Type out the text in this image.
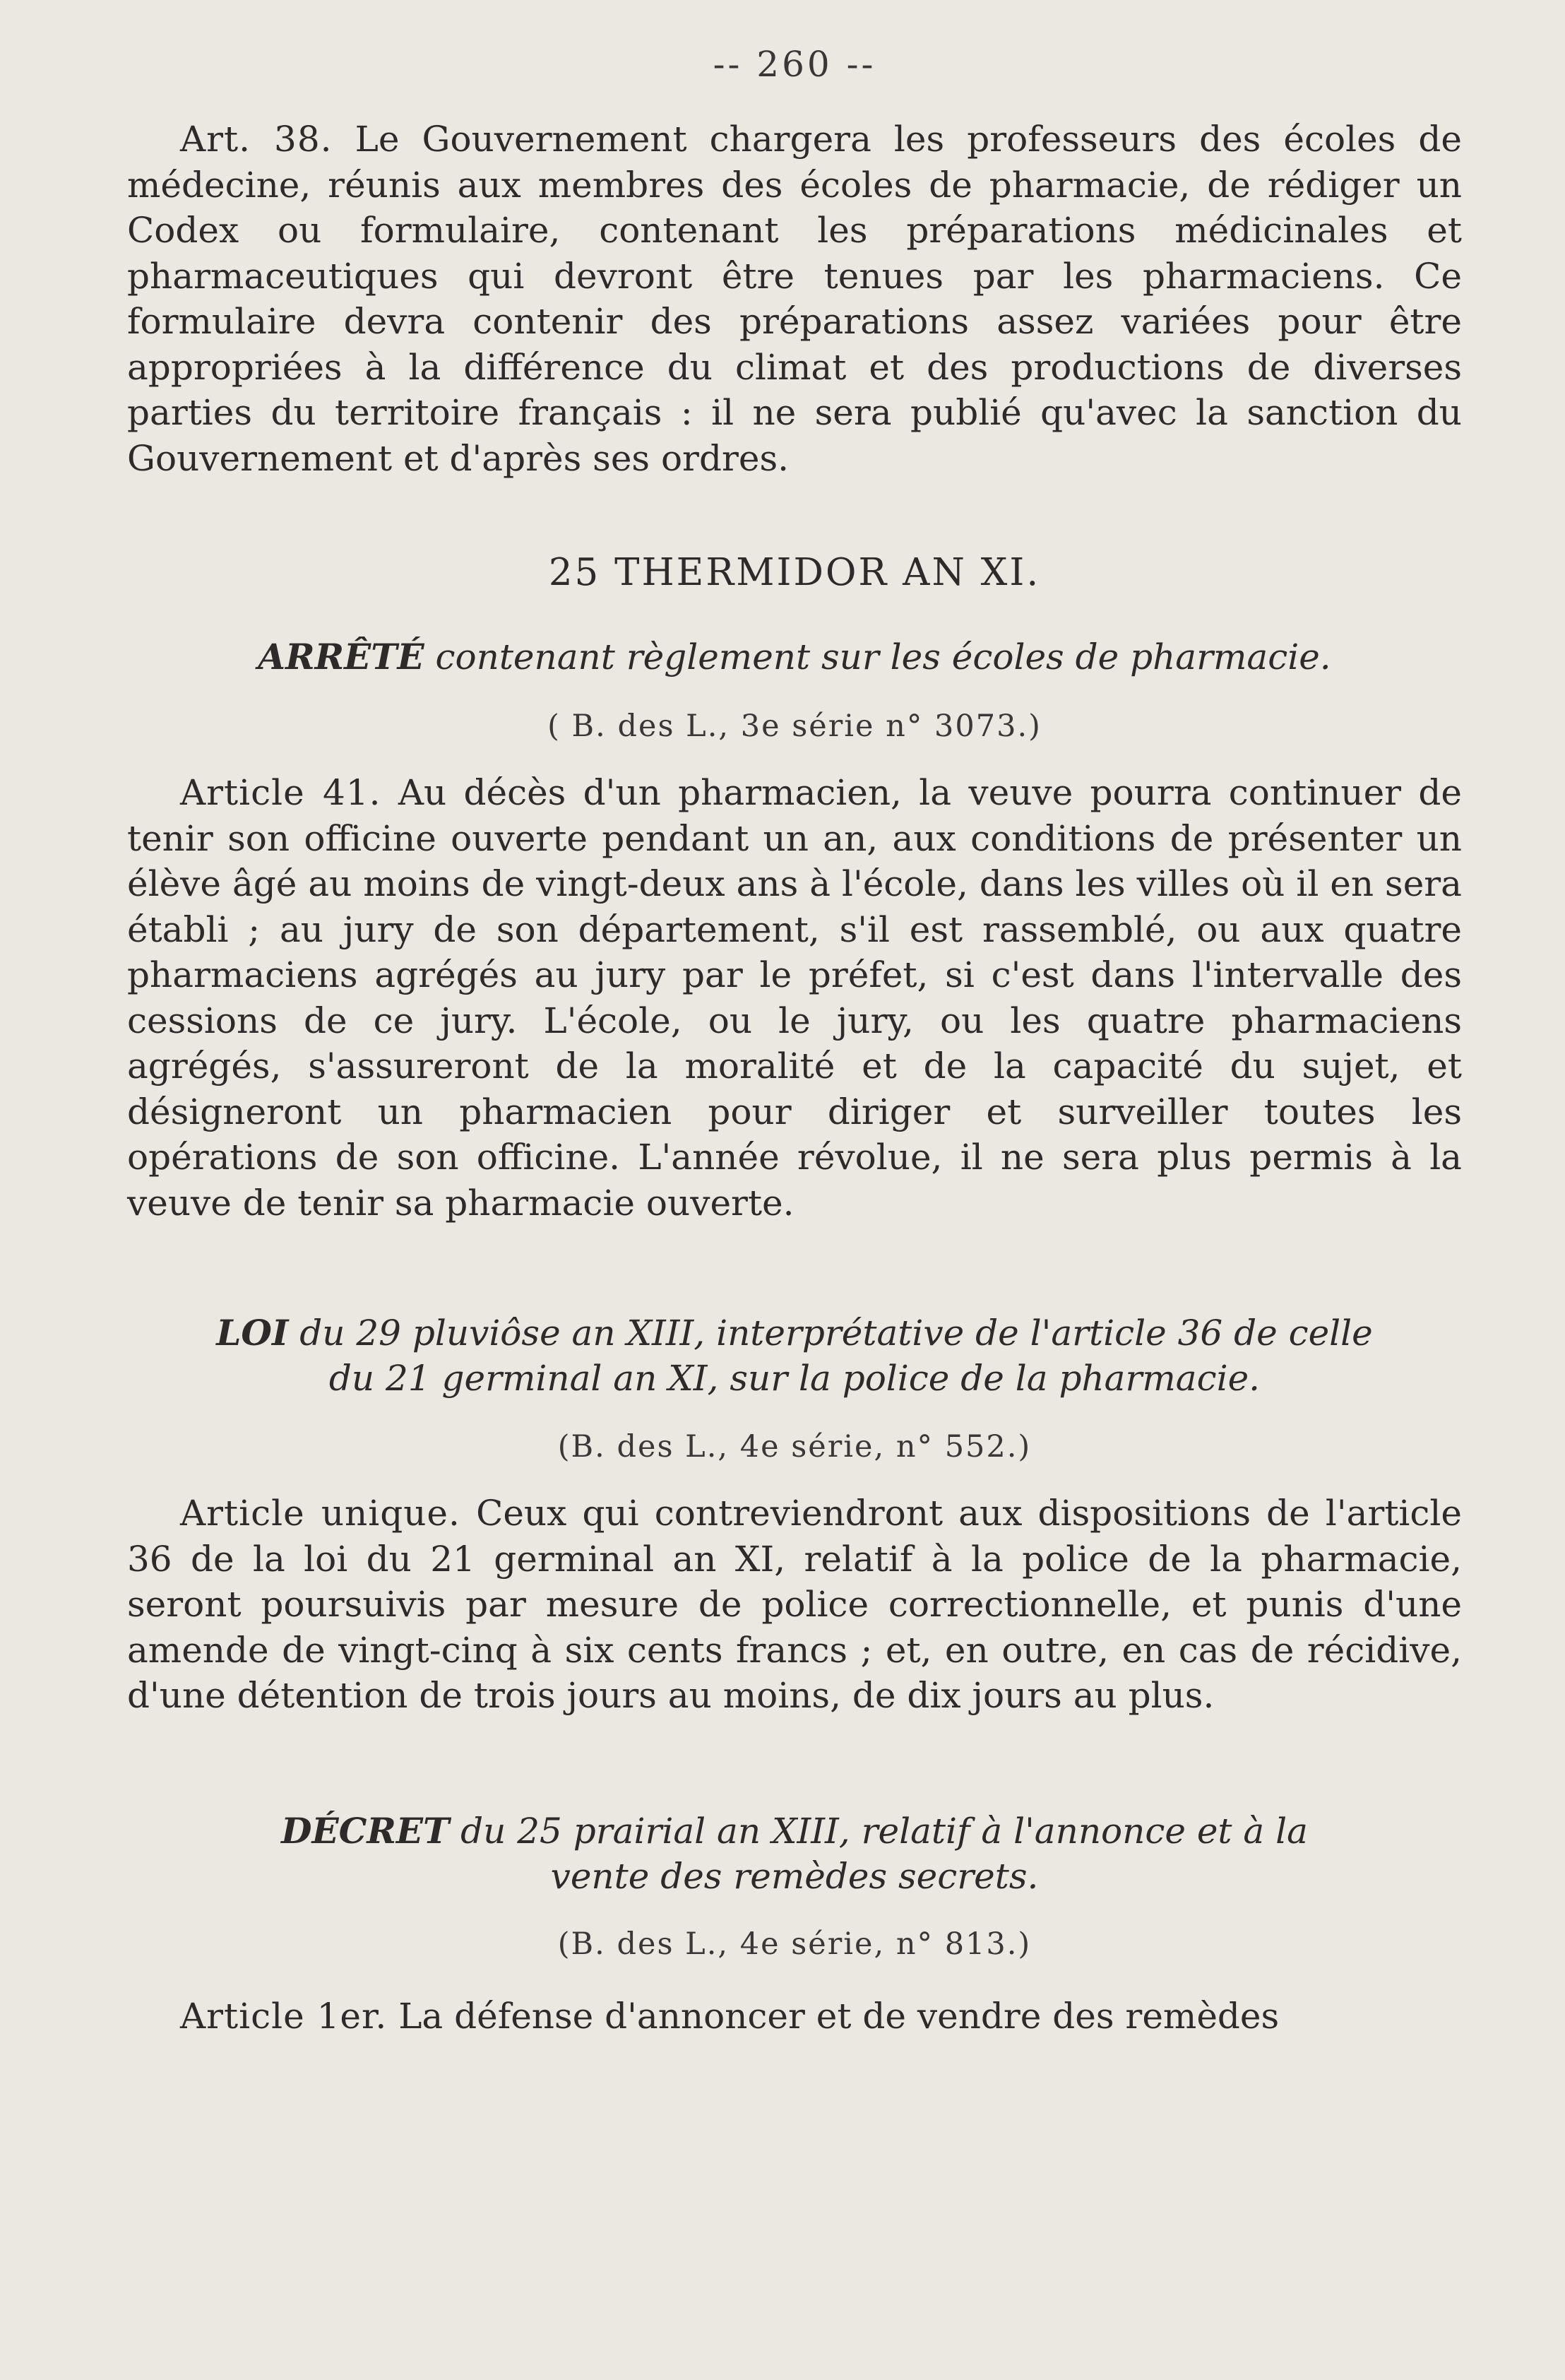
-- 260 --
Art. 38. Le Gouvernement chargera les professeurs des écoles de médecine, réunis aux membres des écoles de pharmacie, de rédiger un Codex ou formulaire, contenant les préparations médicinales et pharmaceutiques qui devront être tenues par les pharmaciens. Ce formulaire devra contenir des préparations assez variées pour être appropriées à la différence du climat et des productions de diverses parties du territoire français : il ne sera publié qu'avec la sanction du Gouvernement et d'après ses ordres.
25 THERMIDOR AN XI.
ARRÊTÉ contenant règlement sur les écoles de pharmacie.
( B. des L., 3e série n° 3073.)
Article 41. Au décès d'un pharmacien, la veuve pourra continuer de tenir son officine ouverte pendant un an, aux conditions de présenter un élève âgé au moins de vingt-deux ans à l'école, dans les villes où il en sera établi ; au jury de son département, s'il est rassemblé, ou aux quatre pharmaciens agrégés au jury par le préfet, si c'est dans l'intervalle des cessions de ce jury. L'école, ou le jury, ou les quatre pharmaciens agrégés, s'assureront de la moralité et de la capacité du sujet, et désigneront un pharmacien pour diriger et surveiller toutes les opérations de son officine. L'année révolue, il ne sera plus permis à la veuve de tenir sa pharmacie ouverte.
LOI du 29 pluviôse an XIII, interprétative de l'article 36 de celle
du 21 germinal an XI, sur la police de la pharmacie.
(B. des L., 4e série, n° 552.)
Article unique. Ceux qui contreviendront aux dispositions de l'article 36 de la loi du 21 germinal an XI, relatif à la police de la pharmacie, seront poursuivis par mesure de police correctionnelle, et punis d'une amende de vingt-cinq à six cents francs ; et, en outre, en cas de récidive, d'une détention de trois jours au moins, de dix jours au plus.
DÉCRET du 25 prairial an XIII, relatif à l'annonce et à la
vente des remèdes secrets.
(B. des L., 4e série, n° 813.)
Article 1er. La défense d'annoncer et de vendre des remèdes
